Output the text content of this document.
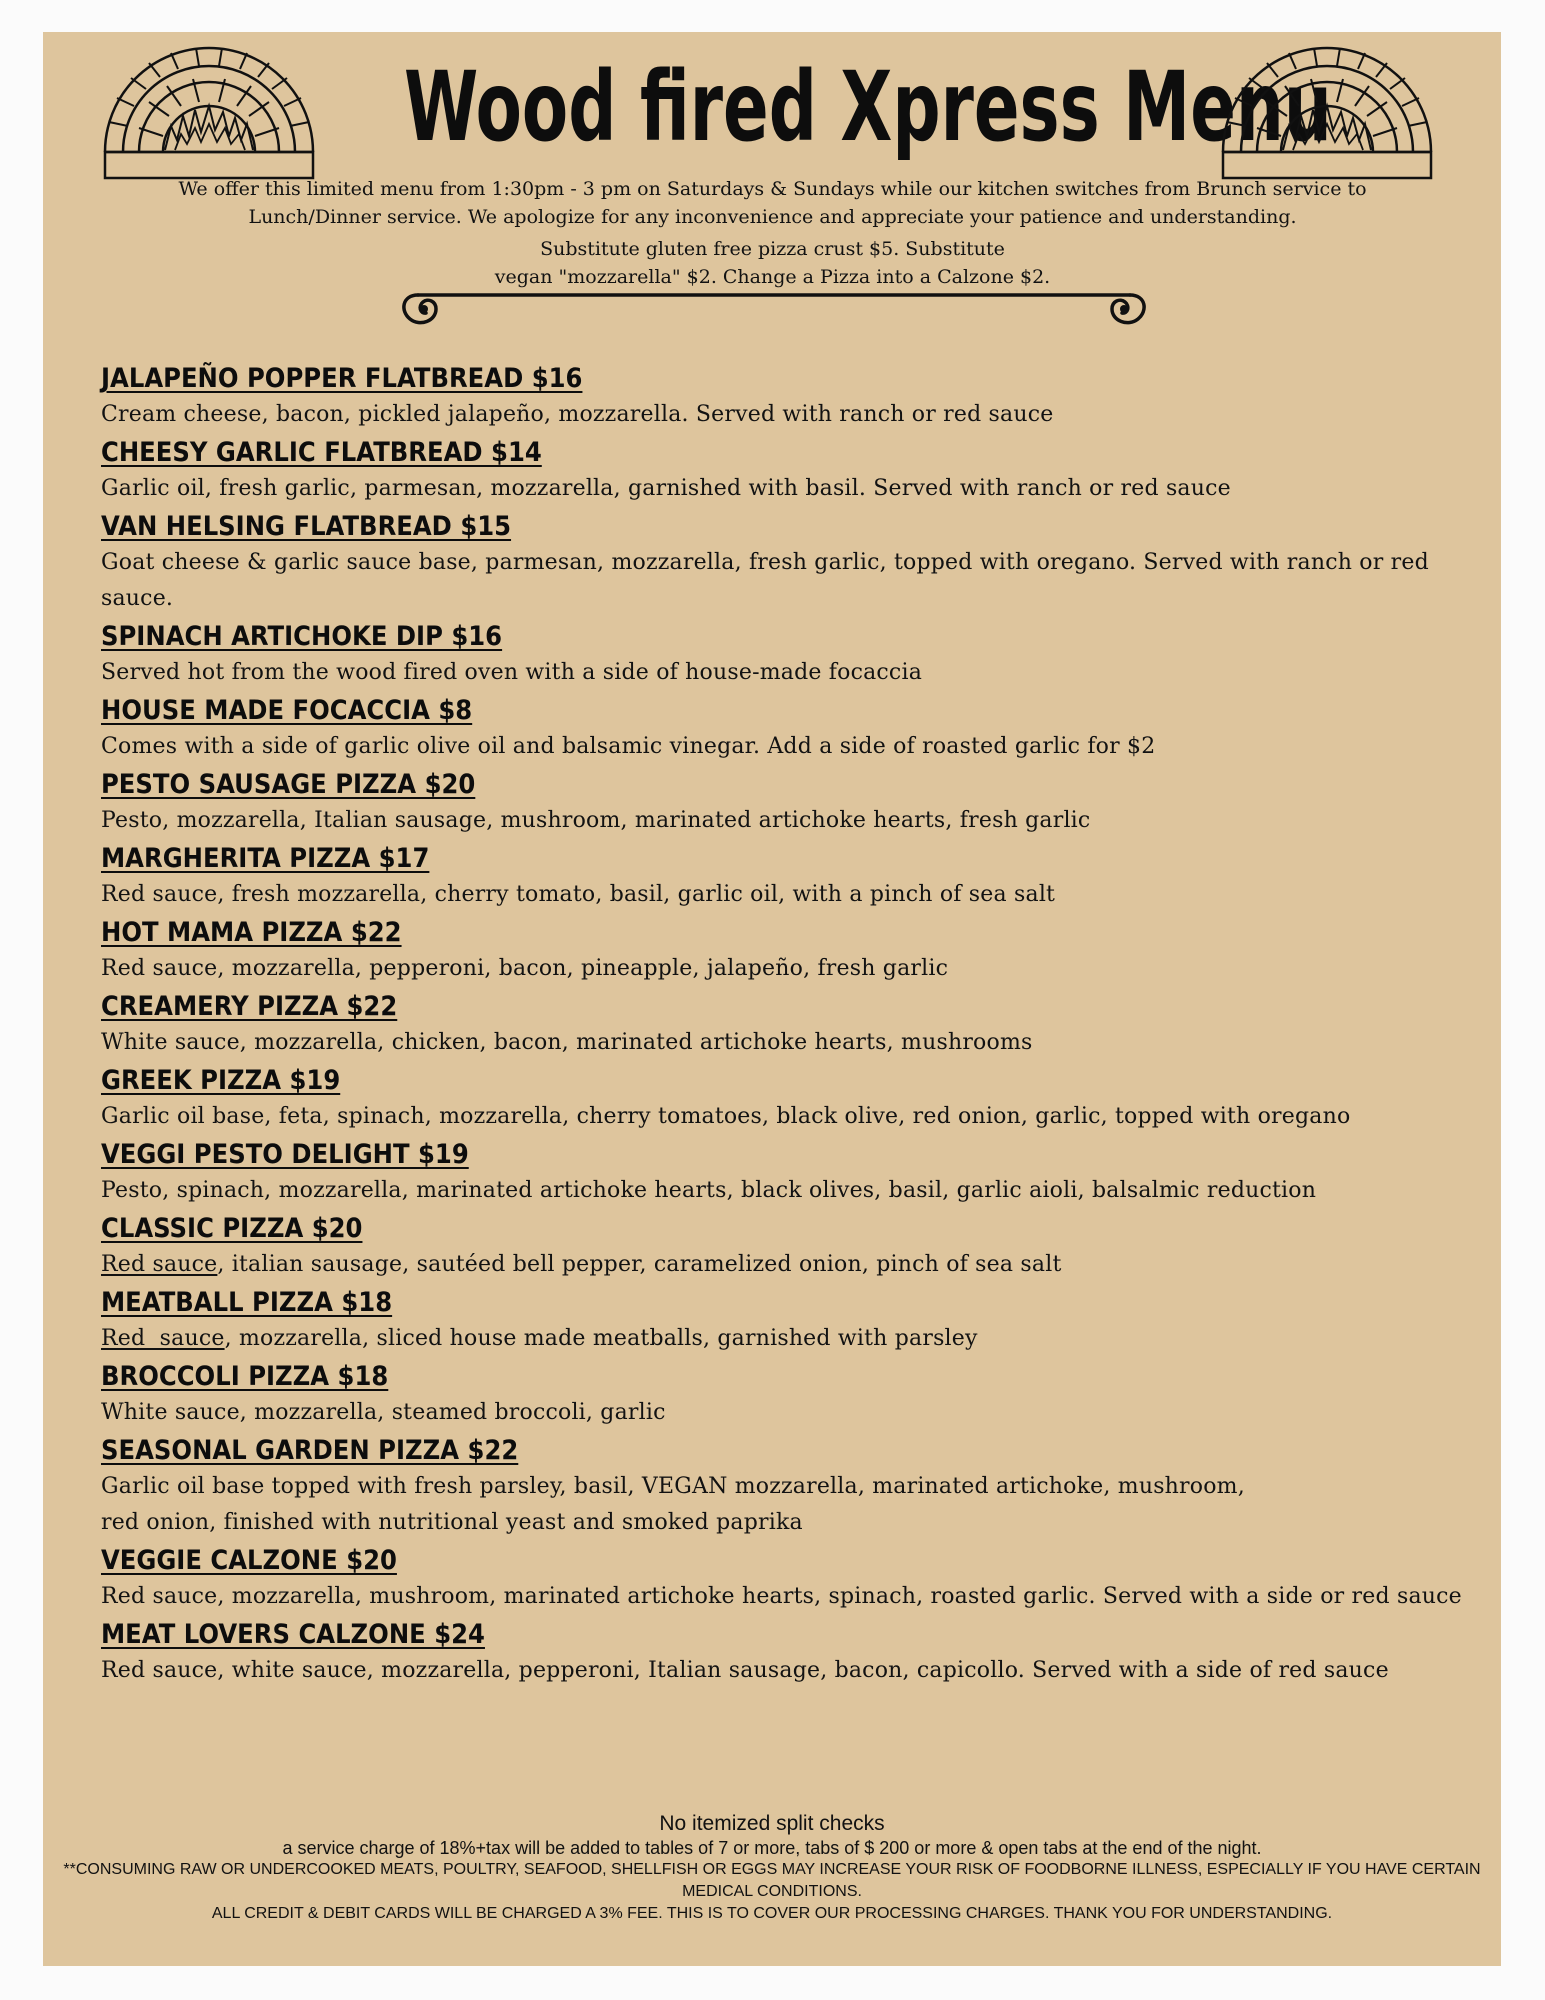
Wood fired Xpress Menu
We offer this limited menu from 1:30pm - 3 pm on Saturdays & Sundays while our kitchen switches from Brunch service to Lunch/Dinner service. We apologize for any inconvenience and appreciate your patience and understanding.
Substitute gluten free pizza crust $5. Substitute
vegan "mozzarella" $2. Change a Pizza into a Calzone $2.
JALAPEÑO POPPER FLATBREAD $16
Cream cheese, bacon, pickled jalapeño, mozzarella. Served with ranch or red sauce
CHEESY GARLIC FLATBREAD $14
Garlic oil, fresh garlic, parmesan, mozzarella, garnished with basil. Served with ranch or red sauce
VAN HELSING FLATBREAD $15
Goat cheese & garlic sauce base, parmesan, mozzarella, fresh garlic, topped with oregano. Served with ranch or red sauce.
SPINACH ARTICHOKE DIP $16
Served hot from the wood fired oven with a side of house-made focaccia
HOUSE MADE FOCACCIA $8
Comes with a side of garlic olive oil and balsamic vinegar. Add a side of roasted garlic for $2
PESTO SAUSAGE PIZZA $20
Pesto, mozzarella, Italian sausage, mushroom, marinated artichoke hearts, fresh garlic
MARGHERITA PIZZA $17
Red sauce, fresh mozzarella, cherry tomato, basil, garlic oil, with a pinch of sea salt
HOT MAMA PIZZA $22
Red sauce, mozzarella, pepperoni, bacon, pineapple, jalapeño, fresh garlic
CREAMERY PIZZA $22
White sauce, mozzarella, chicken, bacon, marinated artichoke hearts, mushrooms
GREEK PIZZA $19
Garlic oil base, feta, spinach, mozzarella, cherry tomatoes, black olive, red onion, garlic, topped with oregano
VEGGI PESTO DELIGHT $19
Pesto, spinach, mozzarella, marinated artichoke hearts, black olives, basil, garlic aioli, balsalmic reduction
CLASSIC PIZZA $20
Red sauce, italian sausage, sautéed bell pepper, caramelized onion, pinch of sea salt
MEATBALL PIZZA $18
Red  sauce, mozzarella, sliced house made meatballs, garnished with parsley
BROCCOLI PIZZA $18
White sauce, mozzarella, steamed broccoli, garlic
SEASONAL GARDEN PIZZA $22
Garlic oil base topped with fresh parsley, basil, VEGAN mozzarella, marinated artichoke, mushroom,
red onion, finished with nutritional yeast and smoked paprika
VEGGIE CALZONE $20
Red sauce, mozzarella, mushroom, marinated artichoke hearts, spinach, roasted garlic. Served with a side or red sauce
MEAT LOVERS CALZONE $24
Red sauce, white sauce, mozzarella, pepperoni, Italian sausage, bacon, capicollo. Served with a side of red sauce
No itemized split checks
a service charge of 18%+tax will be added to tables of 7 or more, tabs of $ 200 or more & open tabs at the end of the night.
**CONSUMING RAW OR UNDERCOOKED MEATS, POULTRY, SEAFOOD, SHELLFISH OR EGGS MAY INCREASE YOUR RISK OF FOODBORNE ILLNESS, ESPECIALLY IF YOU HAVE CERTAIN MEDICAL CONDITIONS.
ALL CREDIT & DEBIT CARDS WILL BE CHARGED A 3% FEE. THIS IS TO COVER OUR PROCESSING CHARGES. THANK YOU FOR UNDERSTANDING.
